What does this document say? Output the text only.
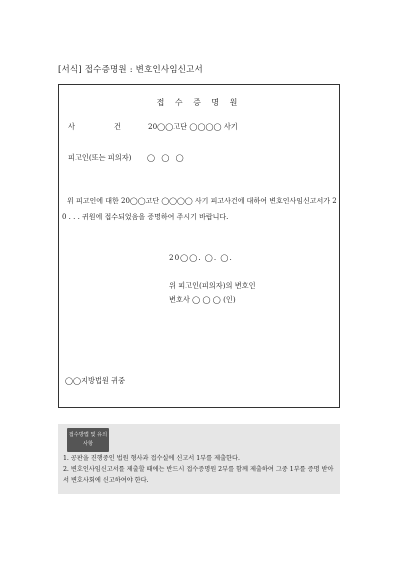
[서식] 접수증명원 : 변호인사임신고서
접 수 증 명 원
사	건	20◯◯고단 ◯◯◯◯ 사기
피고인(또는 피의자) ◯ ◯ ◯
위 피고인에 대한 20◯◯고단 ◯◯◯◯ 사기 피고사건에 대하여 변호인사임신고서가 20 . . . 귀원에 접수되었음을 증명하여 주시기 바랍니다.
20◯◯. ◯. ◯.
위 피고인(피의자)의 변호인
변호사 ◯ ◯ ◯ (인)
◯◯지방법원 귀중
접수방법 및 유의사항
1. 공판을 진행중인 법원 형사과 접수실에 신고서 1부를 제출한다.
2. 변호인사임신고서를 제출할 때에는 반드시 접수증명원 2부를 함께 제출하여 그중 1부를 증명 받아서 변호사회에 신고하여야 한다.
